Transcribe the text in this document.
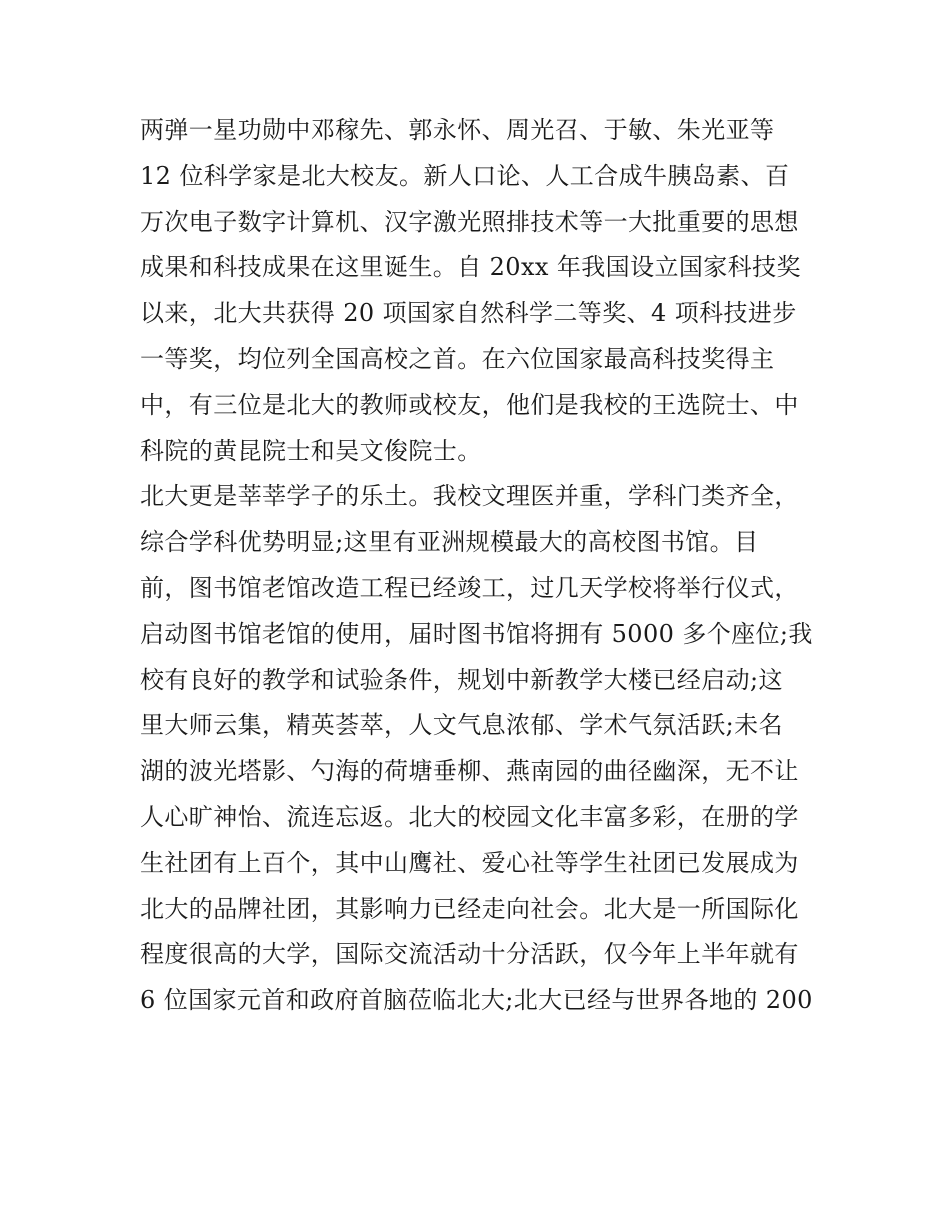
两弹一星功勋中邓稼先、郭永怀、周光召、于敏、朱光亚等
12 位科学家是北大校友。新人口论、人工合成牛胰岛素、百
万次电子数字计算机、汉字激光照排技术等一大批重要的思想
成果和科技成果在这里诞生。自 20xx 年我国设立国家科技奖
以来，北大共获得 20 项国家自然科学二等奖、4 项科技进步
一等奖，均位列全国高校之首。在六位国家最高科技奖得主
中，有三位是北大的教师或校友，他们是我校的王选院士、中
科院的黄昆院士和吴文俊院士。
北大更是莘莘学子的乐土。我校文理医并重，学科门类齐全，
综合学科优势明显;这里有亚洲规模最大的高校图书馆。目
前，图书馆老馆改造工程已经竣工，过几天学校将举行仪式，
启动图书馆老馆的使用，届时图书馆将拥有 5000 多个座位;我
校有良好的教学和试验条件，规划中新教学大楼已经启动;这
里大师云集，精英荟萃，人文气息浓郁、学术气氛活跃;未名
湖的波光塔影、勺海的荷塘垂柳、燕南园的曲径幽深，无不让
人心旷神怡、流连忘返。北大的校园文化丰富多彩，在册的学
生社团有上百个，其中山鹰社、爱心社等学生社团已发展成为
北大的品牌社团，其影响力已经走向社会。北大是一所国际化
程度很高的大学，国际交流活动十分活跃，仅今年上半年就有
6 位国家元首和政府首脑莅临北大;北大已经与世界各地的 200
